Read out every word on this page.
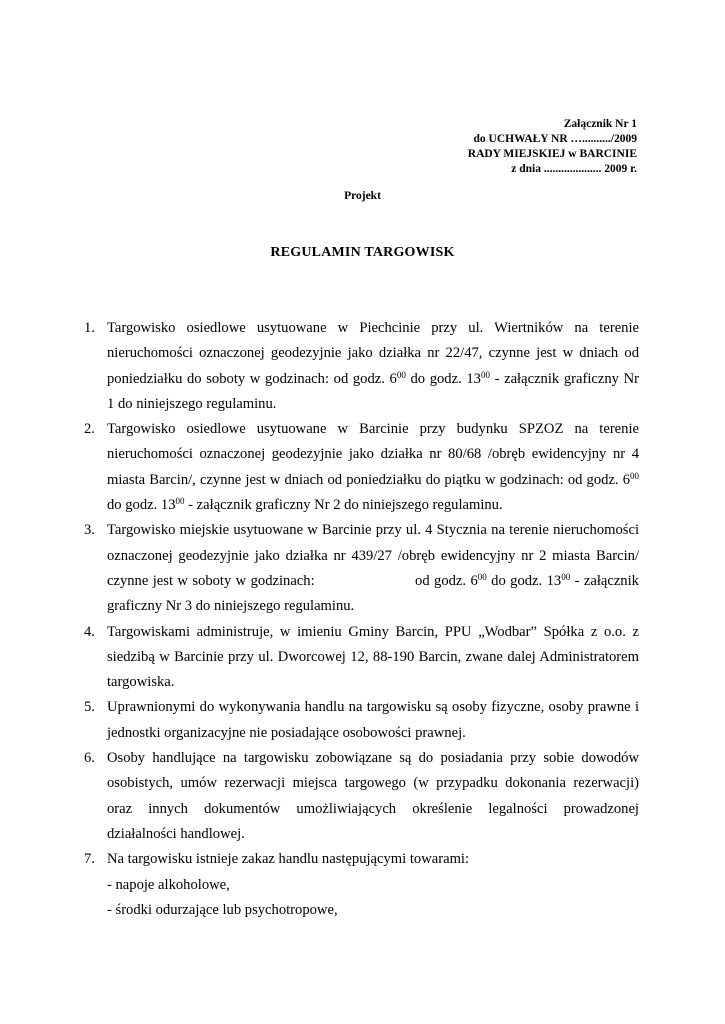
Załącznik Nr 1
do UCHWAŁY NR …........../2009
RADY MIEJSKIEJ w BARCINIE
z dnia .................... 2009 r.
Projekt
REGULAMIN TARGOWISK
1. Targowisko osiedlowe usytuowane w Piechcinie przy ul. Wiertników na terenie
nieruchomości oznaczonej geodezyjnie jako działka nr 22/47, czynne jest w dniach od
poniedziałku do soboty w godzinach: od godz. $6^{00}$ do godz. $13^{00}$ - załącznik graficzny Nr
1 do niniejszego regulaminu.
2. Targowisko osiedlowe usytuowane w Barcinie przy budynku SPZOZ na terenie
nieruchomości oznaczonej geodezyjnie jako działka nr 80/68 /obręb ewidencyjny nr 4
miasta Barcin/, czynne jest w dniach od poniedziałku do piątku w godzinach: od godz. $6^{00}$
do godz. $13^{00}$ - załącznik graficzny Nr 2 do niniejszego regulaminu.
3. Targowisko miejskie usytuowane w Barcinie przy ul. 4 Stycznia na terenie nieruchomości
oznaczonej geodezyjnie jako działka nr 439/27 /obręb ewidencyjny nr 2 miasta Barcin/
czynne jest w soboty w godzinach:	od godz. $6^{00}$ do godz. $13^{00}$ - załącznik
graficzny Nr 3 do niniejszego regulaminu.
4. Targowiskami administruje, w imieniu Gminy Barcin, PPU „Wodbar” Spółka z o.o. z
siedzibą w Barcinie przy ul. Dworcowej 12, 88-190 Barcin, zwane dalej Administratorem
targowiska.
5. Uprawnionymi do wykonywania handlu na targowisku są osoby fizyczne, osoby prawne i
jednostki organizacyjne nie posiadające osobowości prawnej.
6. Osoby handlujące na targowisku zobowiązane są do posiadania przy sobie dowodów
osobistych, umów rezerwacji miejsca targowego (w przypadku dokonania rezerwacji)
oraz innych dokumentów umożliwiających określenie legalności prowadzonej
działalności handlowej.
7. Na targowisku istnieje zakaz handlu następującymi towarami:
- napoje alkoholowe,
- środki odurzające lub psychotropowe,
